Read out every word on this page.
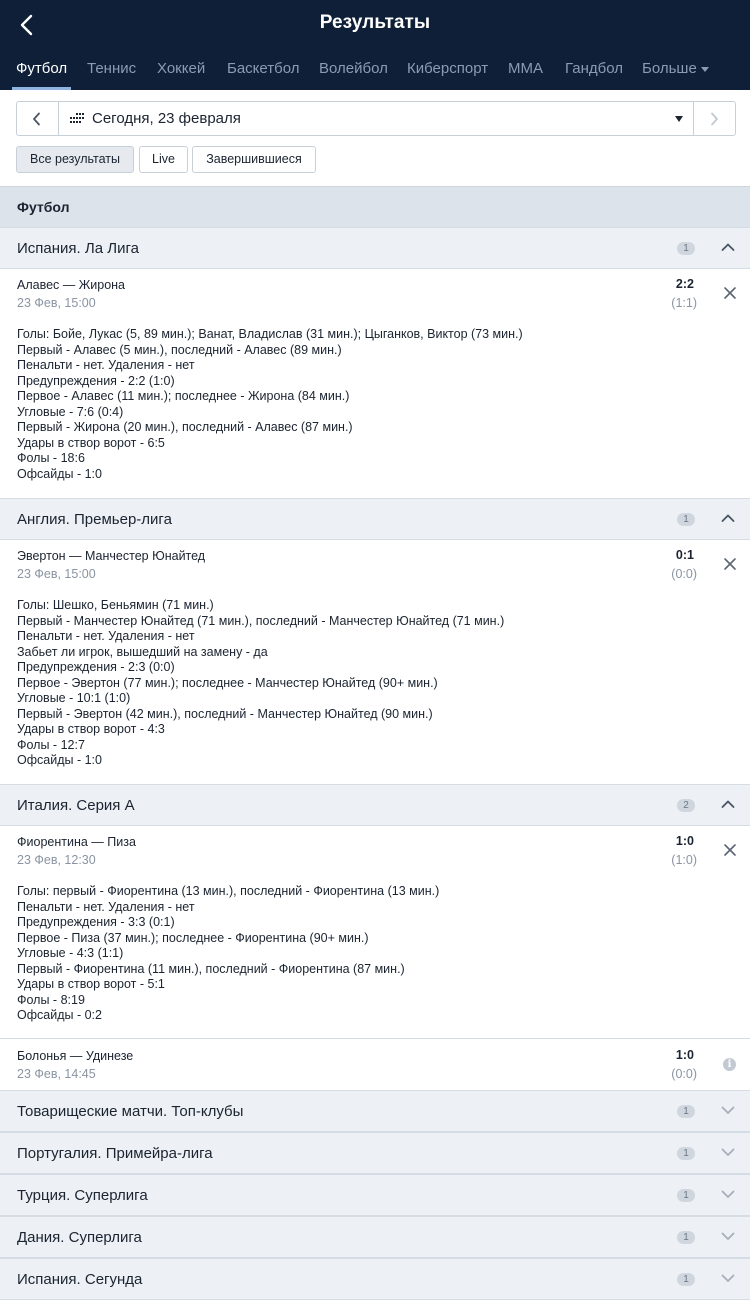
Результаты
Футбол Теннис Хоккей Баскетбол Волейбол Киберспорт MMA Гандбол Больше
Сегодня, 23 февраля
Все результаты	Live	Завершившиеся
Футбол
Испания. Ла Лига	1
Алавес — Жирона
23 Фев, 15:00
2:2
(1:1)
Голы: Бойе, Лукас (5, 89 мин.); Ванат, Владислав (31 мин.); Цыганков, Виктор (73 мин.)
Первый - Алавес (5 мин.), последний - Алавес (89 мин.)
Пенальти - нет. Удаления - нет
Предупреждения - 2:2 (1:0)
Первое - Алавес (11 мин.); последнее - Жирона (84 мин.)
Угловые - 7:6 (0:4)
Первый - Жирона (20 мин.), последний - Алавес (87 мин.)
Удары в створ ворот - 6:5
Фолы - 18:6
Офсайды - 1:0
Англия. Премьер-лига	1
Эвертон — Манчестер Юнайтед
23 Фев, 15:00
0:1
(0:0)
Голы: Шешко, Беньямин (71 мин.)
Первый - Манчестер Юнайтед (71 мин.), последний - Манчестер Юнайтед (71 мин.)
Пенальти - нет. Удаления - нет
Забьет ли игрок, вышедший на замену - да
Предупреждения - 2:3 (0:0)
Первое - Эвертон (77 мин.); последнее - Манчестер Юнайтед (90+ мин.)
Угловые - 10:1 (1:0)
Первый - Эвертон (42 мин.), последний - Манчестер Юнайтед (90 мин.)
Удары в створ ворот - 4:3
Фолы - 12:7
Офсайды - 1:0
Италия. Серия А	2
Фиорентина — Пиза
23 Фев, 12:30
1:0
(1:0)
Голы: первый - Фиорентина (13 мин.), последний - Фиорентина (13 мин.)
Пенальти - нет. Удаления - нет
Предупреждения - 3:3 (0:1)
Первое - Пиза (37 мин.); последнее - Фиорентина (90+ мин.)
Угловые - 4:3 (1:1)
Первый - Фиорентина (11 мин.), последний - Фиорентина (87 мин.)
Удары в створ ворот - 5:1
Фолы - 8:19
Офсайды - 0:2
Болонья — Удинезе
23 Фев, 14:45
1:0
(0:0)
i
Товарищеские матчи. Топ-клубы	1
Португалия. Примейра-лига	1
Турция. Суперлига	1
Дания. Суперлига	1
Испания. Сегунда	1
